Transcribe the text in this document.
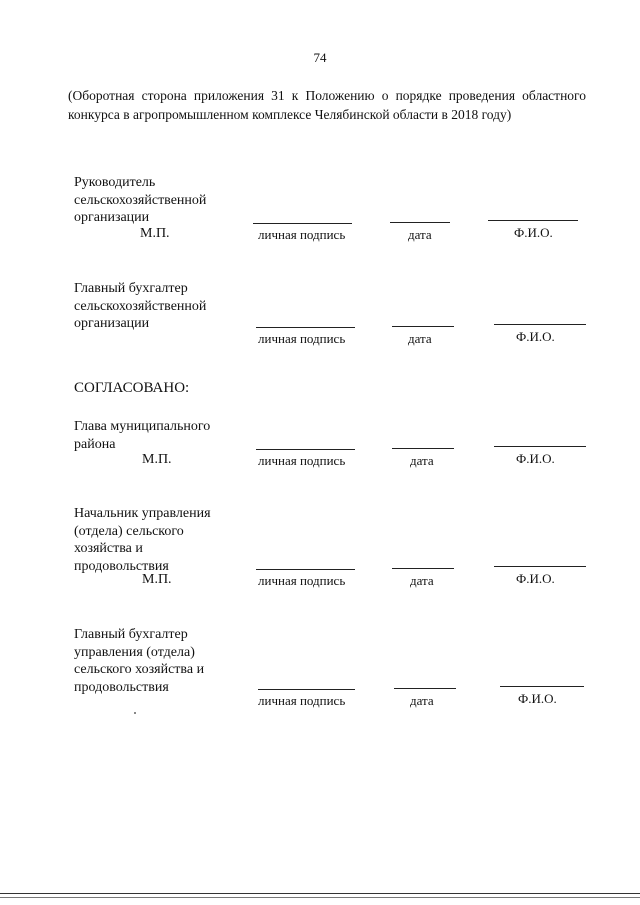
74
(Оборотная сторона приложения 31 к Положению о порядке проведения областного конкурса в агропромышленном комплексе Челябинской области в 2018 году)
Руководитель
сельскохозяйственной
организации
М.П.	личная подпись	дата	Ф.И.О.
Главный бухгалтер
сельскохозяйственной
организации
личная подпись	дата	Ф.И.О.
СОГЛАСОВАНО:
Глава муниципального
района
М.П.	личная подпись	дата	Ф.И.О.
Начальник управления
(отдела) сельского
хозяйства и
продовольствия
М.П.	личная подпись	дата	Ф.И.О.
Главный бухгалтер
управления (отдела)
сельского хозяйства и
продовольствия
личная подпись	дата	Ф.И.О.
